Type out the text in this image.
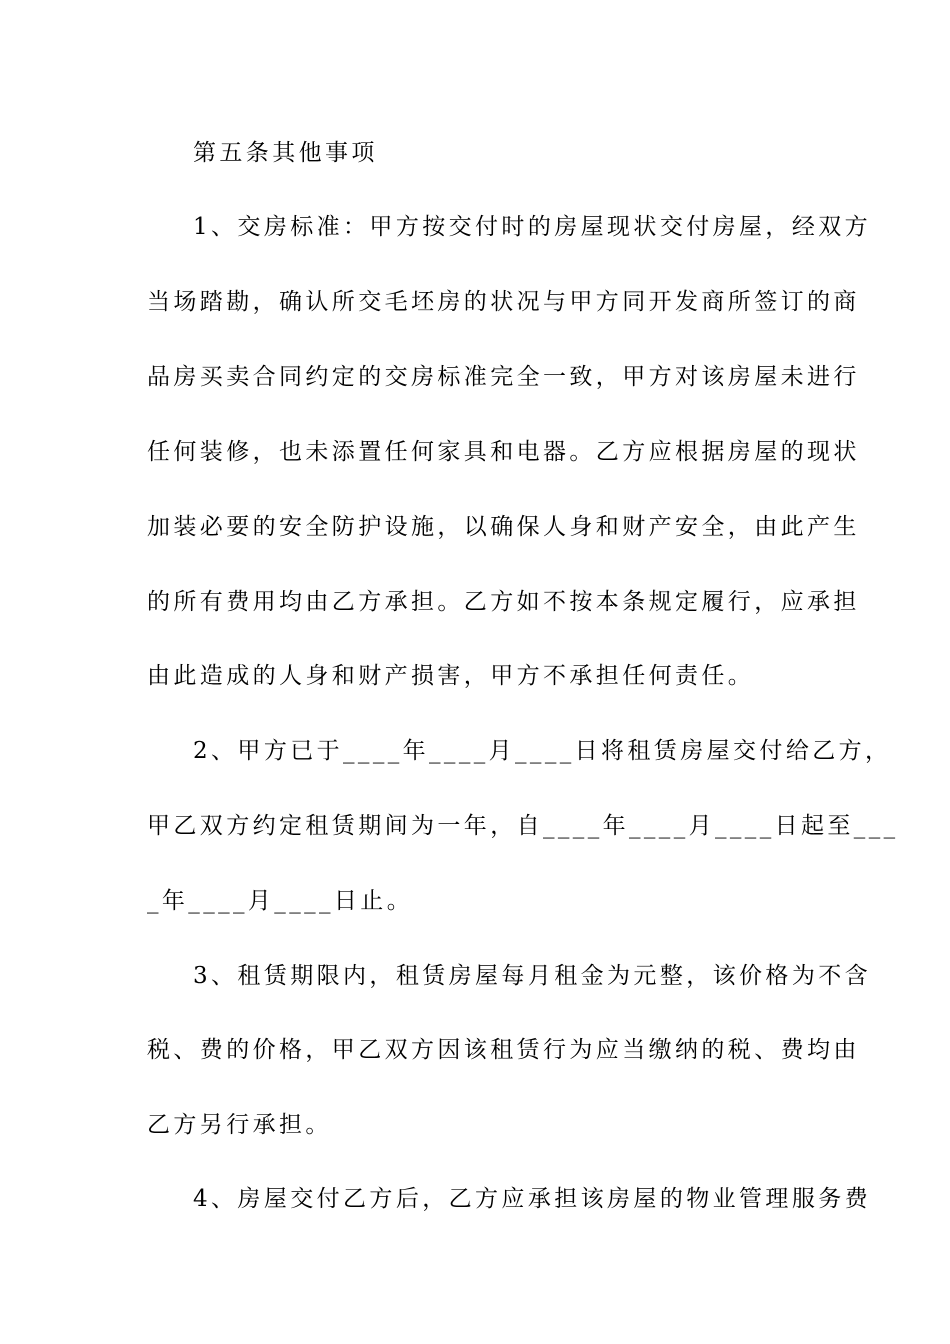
第五条其他事项
1、交房标准：甲方按交付时的房屋现状交付房屋，经双方
当场踏勘，确认所交毛坯房的状况与甲方同开发商所签订的商
品房买卖合同约定的交房标准完全一致，甲方对该房屋未进行
任何装修，也未添置任何家具和电器。乙方应根据房屋的现状
加装必要的安全防护设施，以确保人身和财产安全，由此产生
的所有费用均由乙方承担。乙方如不按本条规定履行，应承担
由此造成的人身和财产损害，甲方不承担任何责任。
2、甲方已于____年____月____日将租赁房屋交付给乙方，
甲乙双方约定租赁期间为一年，自____年____月____日起至___
_年____月____日止。
3、租赁期限内，租赁房屋每月租金为元整，该价格为不含
税、费的价格，甲乙双方因该租赁行为应当缴纳的税、费均由
乙方另行承担。
4、房屋交付乙方后，乙方应承担该房屋的物业管理服务费
